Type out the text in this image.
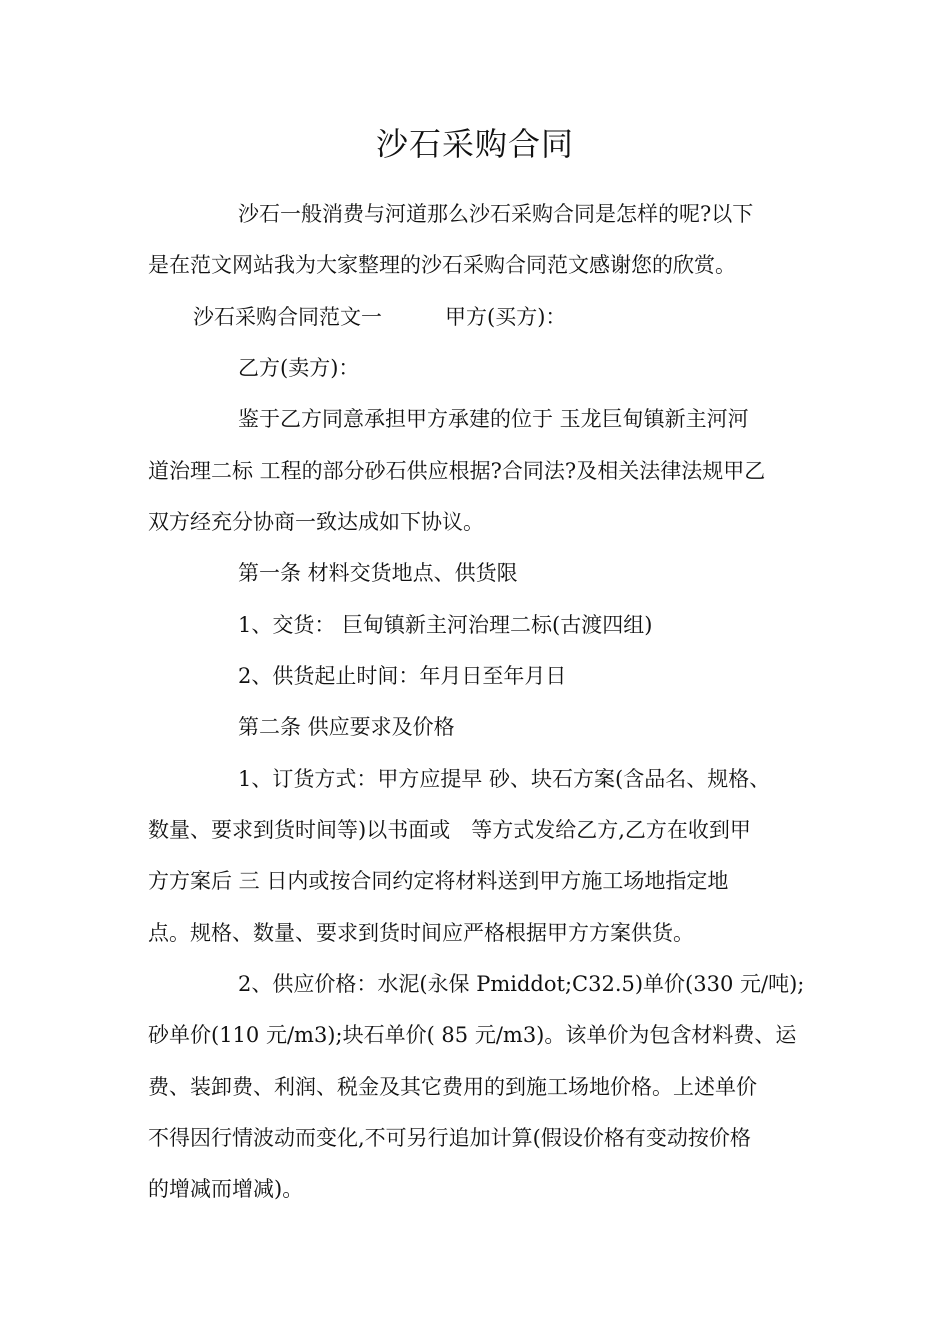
沙石采购合同
沙石一般消费与河道那么沙石采购合同是怎样的呢?以下
是在范文网站我为大家整理的沙石采购合同范文感谢您的欣赏。
沙石采购合同范文一　　　甲方(买方)：
乙方(卖方)：
鉴于乙方同意承担甲方承建的位于 玉龙巨甸镇新主河河
道治理二标 工程的部分砂石供应根据?合同法?及相关法律法规甲乙
双方经充分协商一致达成如下协议。
第一条 材料交货地点、供货限
1、交货： 巨甸镇新主河治理二标(古渡四组)
2、供货起止时间：年月日至年月日
第二条 供应要求及价格
1、订货方式：甲方应提早 砂、块石方案(含品名、规格、
数量、要求到货时间等)以书面或　等方式发给乙方,乙方在收到甲
方方案后 三 日内或按合同约定将材料送到甲方施工场地指定地
点。规格、数量、要求到货时间应严格根据甲方方案供货。
2、供应价格：水泥(永保 Pmiddot;C32.5)单价(330 元/吨);
砂单价(110 元/m3);块石单价( 85 元/m3)。该单价为包含材料费、运
费、装卸费、利润、税金及其它费用的到施工场地价格。上述单价
不得因行情波动而变化,不可另行追加计算(假设价格有变动按价格
的增减而增减)。
